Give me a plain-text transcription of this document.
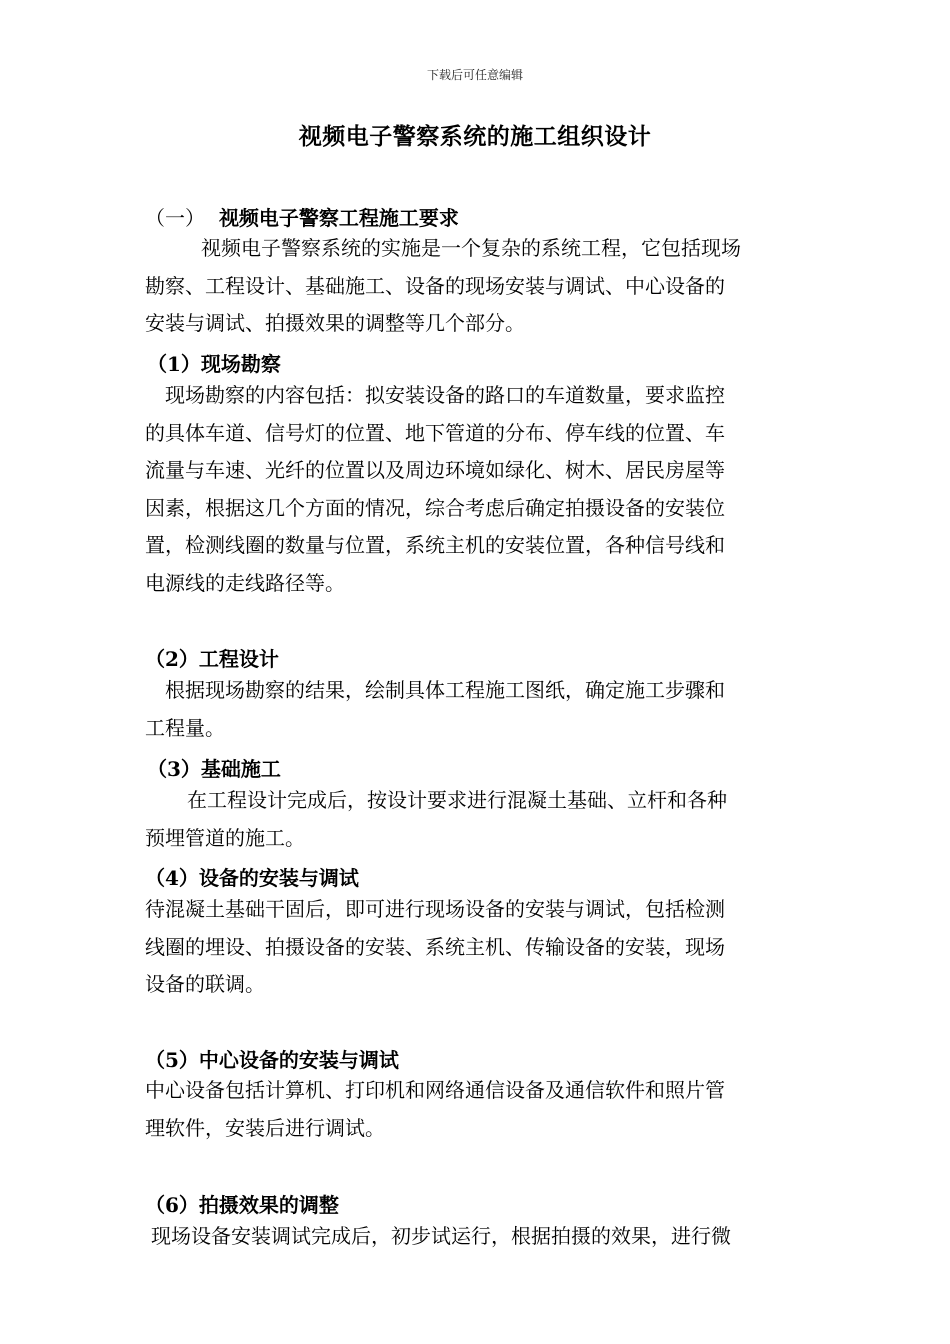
下载后可任意编辑
视频电子警察系统的施工组织设计
（一） 视频电子警察工程施工要求
视频电子警察系统的实施是一个复杂的系统工程，它包括现场
勘察、工程设计、基础施工、设备的现场安装与调试、中心设备的
安装与调试、拍摄效果的调整等几个部分。
（1）现场勘察
现场勘察的内容包括：拟安装设备的路口的车道数量，要求监控
的具体车道、信号灯的位置、地下管道的分布、停车线的位置、车
流量与车速、光纤的位置以及周边环境如绿化、树木、居民房屋等
因素，根据这几个方面的情况，综合考虑后确定拍摄设备的安装位
置，检测线圈的数量与位置，系统主机的安装位置，各种信号线和
电源线的走线路径等。
（2）工程设计
根据现场勘察的结果，绘制具体工程施工图纸，确定施工步骤和
工程量。
（3）基础施工
在工程设计完成后，按设计要求进行混凝土基础、立杆和各种
预埋管道的施工。
（4）设备的安装与调试
待混凝土基础干固后，即可进行现场设备的安装与调试，包括检测
线圈的埋设、拍摄设备的安装、系统主机、传输设备的安装，现场
设备的联调。
（5）中心设备的安装与调试
中心设备包括计算机、打印机和网络通信设备及通信软件和照片管
理软件，安装后进行调试。
（6）拍摄效果的调整
现场设备安装调试完成后，初步试运行，根据拍摄的效果，进行微
